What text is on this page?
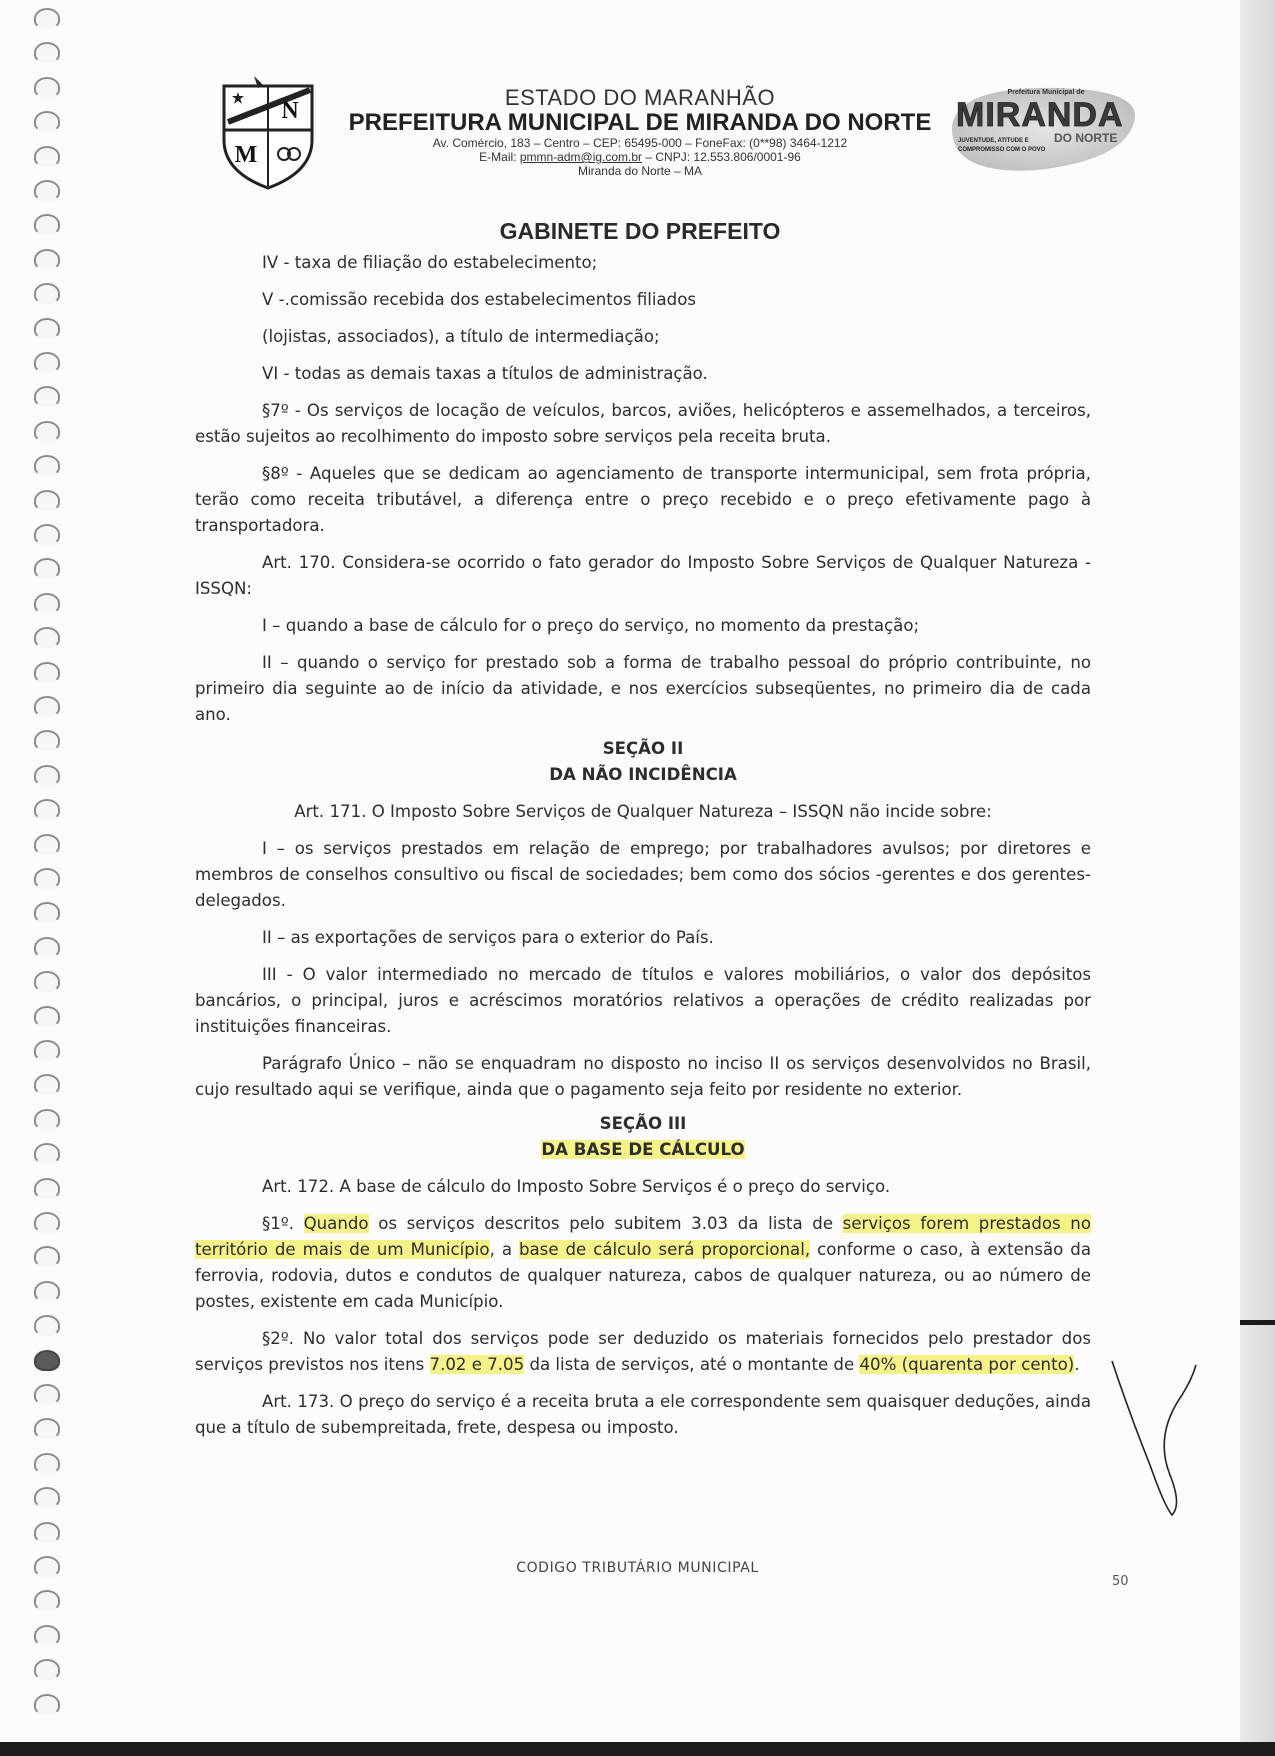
N
M
ESTADO DO MARANHÃO
PREFEITURA MUNICIPAL DE MIRANDA DO NORTE
Av. Comércio, 183 – Centro – CEP: 65495-000 – FoneFax: (0**98) 3464-1212
E-Mail: pmmn-adm@ig.com.br – CNPJ: 12.553.806/0001-96
Miranda do Norte – MA
Prefeitura Municipal de
MIRANDA
JUVENTUDE, ATITUDE E
COMPROMISSO COM O POVO
DO NORTE
GABINETE DO PREFEITO

IV - taxa de filiação do estabelecimento;

V -.comissão recebida dos estabelecimentos filiados

(lojistas, associados), a título de intermediação;

VI - todas as demais taxas a títulos de administração.

§7º - Os serviços de locação de veículos, barcos, aviões, helicópteros e assemelhados, a terceiros, estão sujeitos ao recolhimento do imposto sobre serviços pela receita bruta.

§8º - Aqueles que se dedicam ao agenciamento de transporte intermunicipal, sem frota própria, terão como receita tributável, a diferença entre o preço recebido e o preço efetivamente pago à transportadora.

Art. 170. Considera-se ocorrido o fato gerador do Imposto Sobre Serviços de Qualquer Natureza - ISSQN:

I – quando a base de cálculo for o preço do serviço, no momento da prestação;

II – quando o serviço for prestado sob a forma de trabalho pessoal do próprio contribuinte, no primeiro dia seguinte ao de início da atividade, e nos exercícios subseqüentes, no primeiro dia de cada ano.

SEÇÃO II

DA NÃO INCIDÊNCIA

Art. 171. O Imposto Sobre Serviços de Qualquer Natureza – ISSQN não incide sobre:

I – os serviços prestados em relação de emprego; por trabalhadores avulsos; por diretores e membros de conselhos consultivo ou fiscal de sociedades; bem como dos sócios -gerentes e dos gerentes-delegados.

II – as exportações de serviços para o exterior do País.

III - O valor intermediado no mercado de títulos e valores mobiliários, o valor dos depósitos bancários, o principal, juros e acréscimos moratórios relativos a operações de crédito realizadas por instituições financeiras.

Parágrafo Único – não se enquadram no disposto no inciso II os serviços desenvolvidos no Brasil, cujo resultado aqui se verifique, ainda que o pagamento seja feito por residente no exterior.

SEÇÃO III

DA BASE DE CÁLCULO

Art. 172. A base de cálculo do Imposto Sobre Serviços é o preço do serviço.

§1º. Quando os serviços descritos pelo subitem 3.03 da lista de serviços forem prestados no território de mais de um Município, a base de cálculo será proporcional, conforme o caso, à extensão da ferrovia, rodovia, dutos e condutos de qualquer natureza, cabos de qualquer natureza, ou ao número de postes, existente em cada Município.

§2º. No valor total dos serviços pode ser deduzido os materiais fornecidos pelo prestador dos serviços previstos nos itens 7.02 e 7.05 da lista de serviços, até o montante de 40% (quarenta por cento).

Art. 173. O preço do serviço é a receita bruta a ele correspondente sem quaisquer deduções, ainda que a título de subempreitada, frete, despesa ou imposto.

CODIGO TRIBUTÁRIO MUNICIPAL
50
